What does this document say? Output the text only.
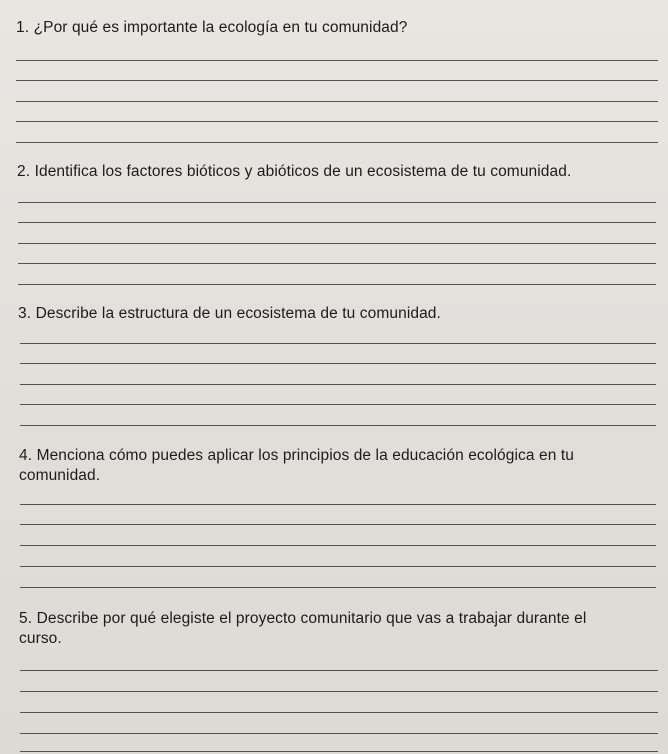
1. ¿Por qué es importante la ecología en tu comunidad?
2. Identifica los factores bióticos y abióticos de un ecosistema de tu comunidad.
3. Describe la estructura de un ecosistema de tu comunidad.
4. Menciona cómo puedes aplicar los principios de la educación ecológica en tu
comunidad.
5. Describe por qué elegiste el proyecto comunitario que vas a trabajar durante el
curso.
